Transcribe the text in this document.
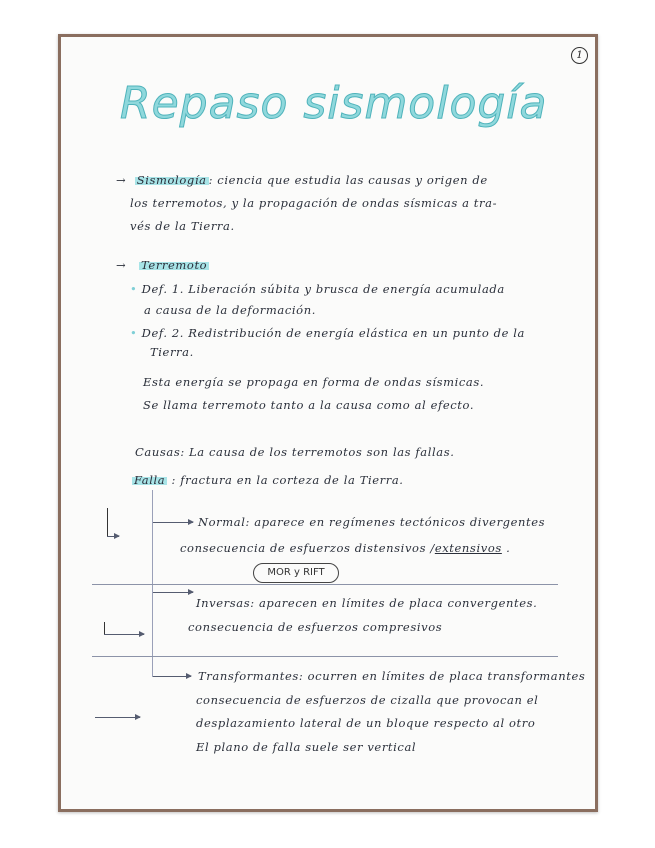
1
Repaso sismología
→ Sismología : ciencia que estudia las causas y origen de
los terremotos, y la propagación de ondas sísmicas a tra-
vés de la Tierra.
→ Terremoto
• Def. 1. Liberación súbita y brusca de energía acumulada
a causa de la deformación.
• Def. 2. Redistribución de energía elástica en un punto de la
Tierra.
Esta energía se propaga en forma de ondas sísmicas.
Se llama terremoto tanto a la causa como al efecto.
Causas: La causa de los terremotos son las fallas.
Falla : fractura en la corteza de la Tierra.
Normal: aparece en regímenes tectónicos divergentes
consecuencia de esfuerzos distensivos /extensivos .
MOR y RIFT
Inversas: aparecen en límites de placa convergentes.
consecuencia de esfuerzos compresivos
Transformantes: ocurren en límites de placa transformantes
consecuencia de esfuerzos de cizalla que provocan el
desplazamiento lateral de un bloque respecto al otro
El plano de falla suele ser vertical
